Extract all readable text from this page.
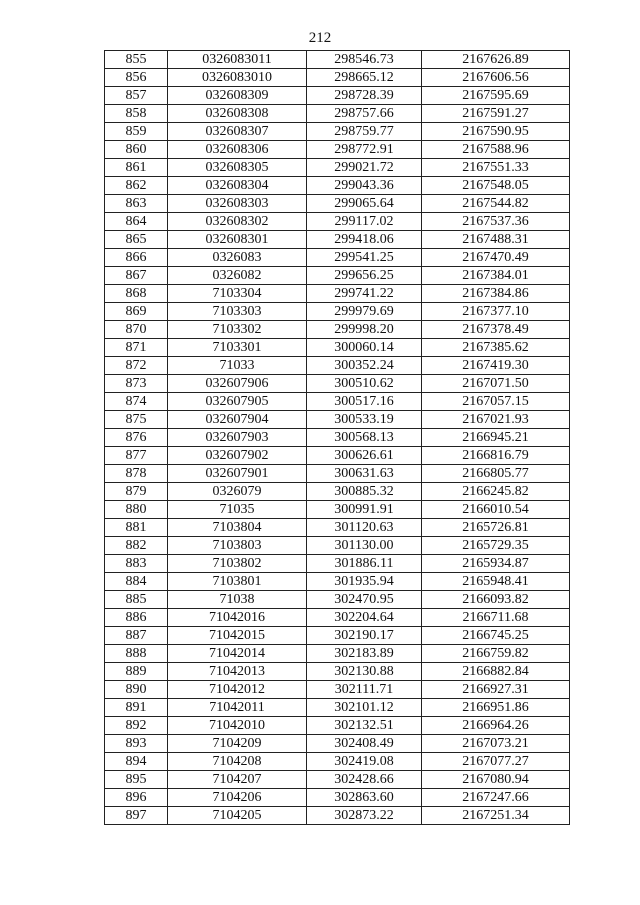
212
855	0326083011	298546.73	2167626.89
856	0326083010	298665.12	2167606.56
857	032608309	298728.39	2167595.69
858	032608308	298757.66	2167591.27
859	032608307	298759.77	2167590.95
860	032608306	298772.91	2167588.96
861	032608305	299021.72	2167551.33
862	032608304	299043.36	2167548.05
863	032608303	299065.64	2167544.82
864	032608302	299117.02	2167537.36
865	032608301	299418.06	2167488.31
866	0326083	299541.25	2167470.49
867	0326082	299656.25	2167384.01
868	7103304	299741.22	2167384.86
869	7103303	299979.69	2167377.10
870	7103302	299998.20	2167378.49
871	7103301	300060.14	2167385.62
872	71033	300352.24	2167419.30
873	032607906	300510.62	2167071.50
874	032607905	300517.16	2167057.15
875	032607904	300533.19	2167021.93
876	032607903	300568.13	2166945.21
877	032607902	300626.61	2166816.79
878	032607901	300631.63	2166805.77
879	0326079	300885.32	2166245.82
880	71035	300991.91	2166010.54
881	7103804	301120.63	2165726.81
882	7103803	301130.00	2165729.35
883	7103802	301886.11	2165934.87
884	7103801	301935.94	2165948.41
885	71038	302470.95	2166093.82
886	71042016	302204.64	2166711.68
887	71042015	302190.17	2166745.25
888	71042014	302183.89	2166759.82
889	71042013	302130.88	2166882.84
890	71042012	302111.71	2166927.31
891	71042011	302101.12	2166951.86
892	71042010	302132.51	2166964.26
893	7104209	302408.49	2167073.21
894	7104208	302419.08	2167077.27
895	7104207	302428.66	2167080.94
896	7104206	302863.60	2167247.66
897	7104205	302873.22	2167251.34
